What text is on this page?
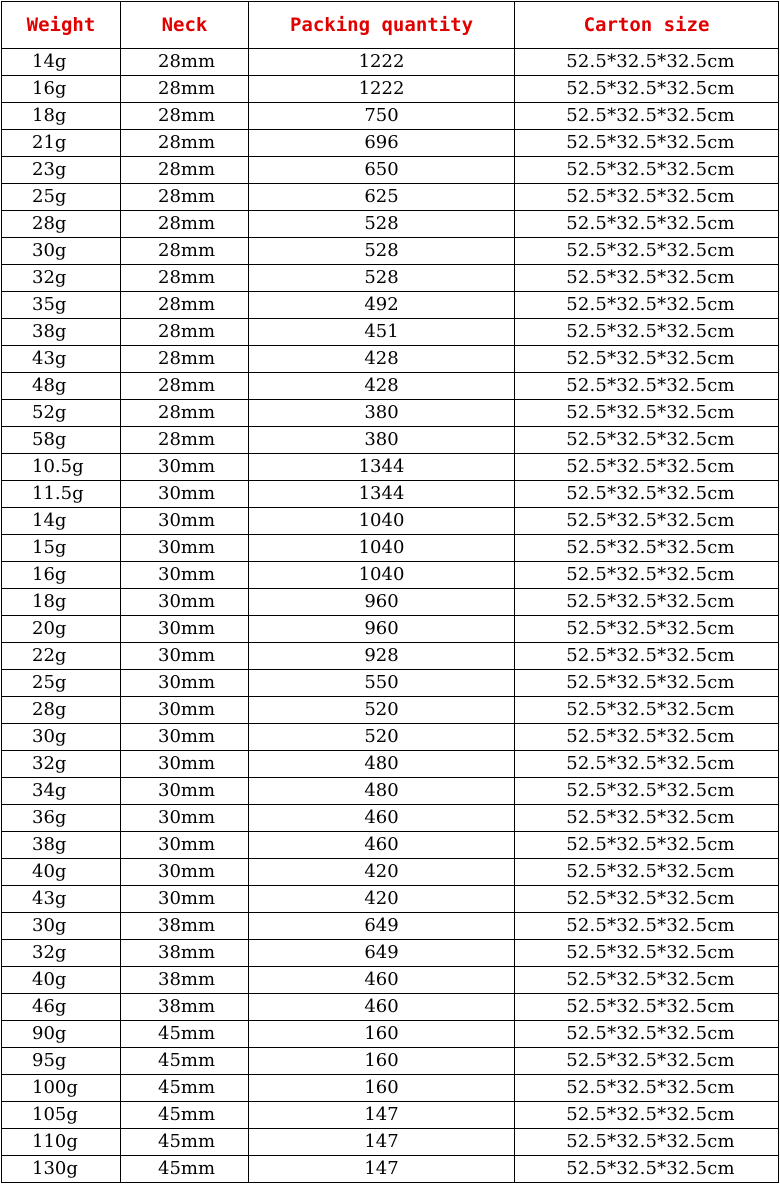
Weight	Neck	Packing quantity	Carton size
14g	28mm	1222	52.5*32.5*32.5cm
16g	28mm	1222	52.5*32.5*32.5cm
18g	28mm	750	52.5*32.5*32.5cm
21g	28mm	696	52.5*32.5*32.5cm
23g	28mm	650	52.5*32.5*32.5cm
25g	28mm	625	52.5*32.5*32.5cm
28g	28mm	528	52.5*32.5*32.5cm
30g	28mm	528	52.5*32.5*32.5cm
32g	28mm	528	52.5*32.5*32.5cm
35g	28mm	492	52.5*32.5*32.5cm
38g	28mm	451	52.5*32.5*32.5cm
43g	28mm	428	52.5*32.5*32.5cm
48g	28mm	428	52.5*32.5*32.5cm
52g	28mm	380	52.5*32.5*32.5cm
58g	28mm	380	52.5*32.5*32.5cm
10.5g	30mm	1344	52.5*32.5*32.5cm
11.5g	30mm	1344	52.5*32.5*32.5cm
14g	30mm	1040	52.5*32.5*32.5cm
15g	30mm	1040	52.5*32.5*32.5cm
16g	30mm	1040	52.5*32.5*32.5cm
18g	30mm	960	52.5*32.5*32.5cm
20g	30mm	960	52.5*32.5*32.5cm
22g	30mm	928	52.5*32.5*32.5cm
25g	30mm	550	52.5*32.5*32.5cm
28g	30mm	520	52.5*32.5*32.5cm
30g	30mm	520	52.5*32.5*32.5cm
32g	30mm	480	52.5*32.5*32.5cm
34g	30mm	480	52.5*32.5*32.5cm
36g	30mm	460	52.5*32.5*32.5cm
38g	30mm	460	52.5*32.5*32.5cm
40g	30mm	420	52.5*32.5*32.5cm
43g	30mm	420	52.5*32.5*32.5cm
30g	38mm	649	52.5*32.5*32.5cm
32g	38mm	649	52.5*32.5*32.5cm
40g	38mm	460	52.5*32.5*32.5cm
46g	38mm	460	52.5*32.5*32.5cm
90g	45mm	160	52.5*32.5*32.5cm
95g	45mm	160	52.5*32.5*32.5cm
100g	45mm	160	52.5*32.5*32.5cm
105g	45mm	147	52.5*32.5*32.5cm
110g	45mm	147	52.5*32.5*32.5cm
130g	45mm	147	52.5*32.5*32.5cm
